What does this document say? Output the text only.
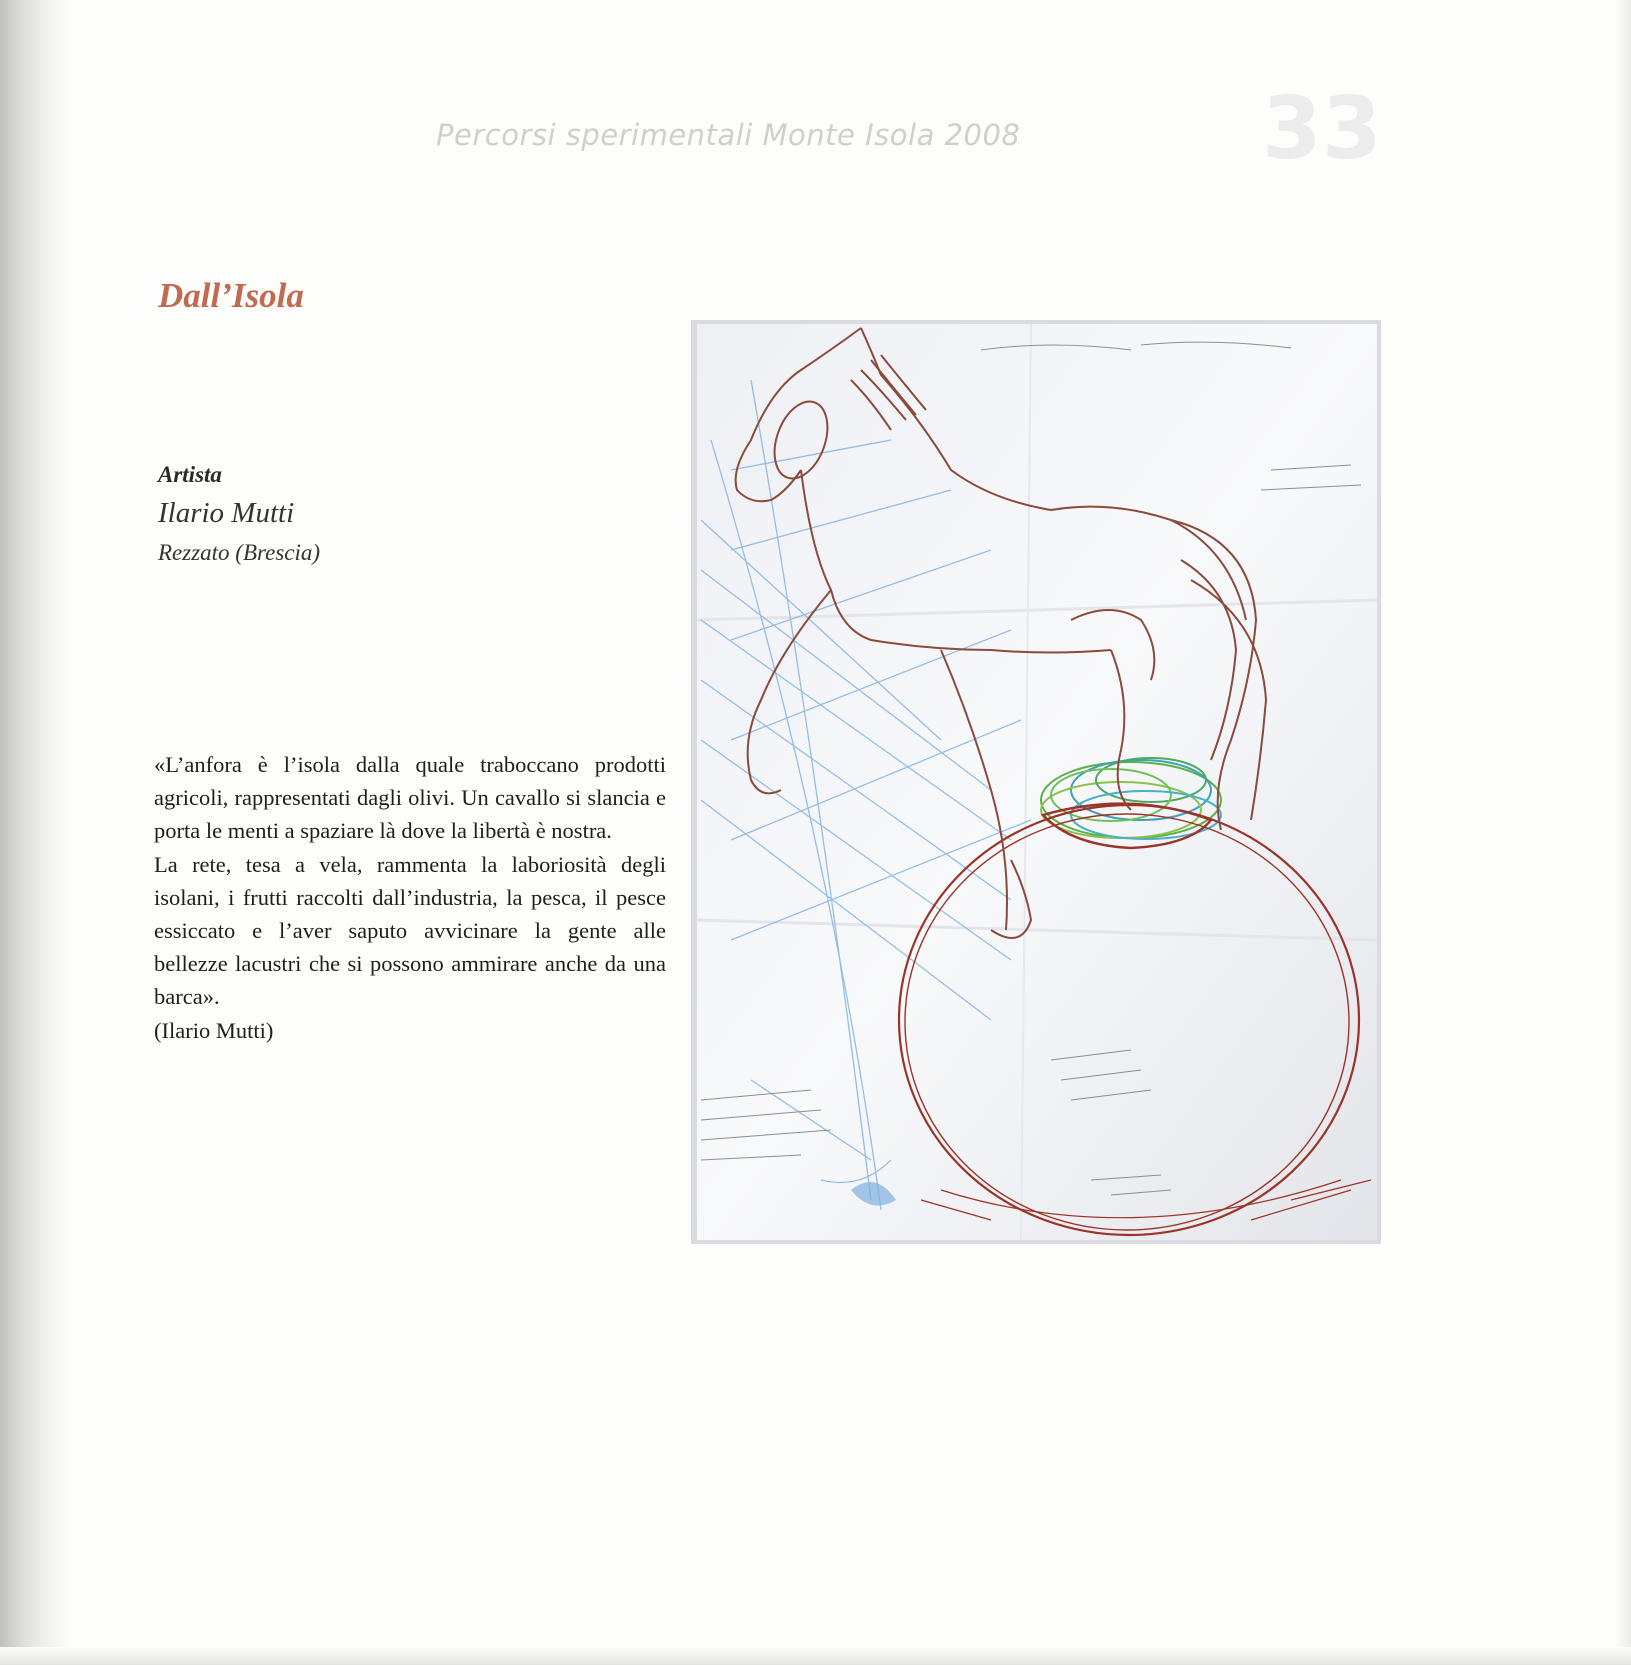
Percorsi sperimentali Monte Isola 2008	33
Dall’Isola
Artista
Ilario Mutti
Rezzato (Brescia)

«L’anfora è l’isola dalla quale traboccano prodotti agricoli, rappresentati dagli olivi. Un cavallo si slancia e porta le menti a spaziare là dove la libertà è nostra.

La rete, tesa a vela, rammenta la laboriosità degli isolani, i frutti raccolti dall’industria, la pesca, il pesce essiccato e l’aver saputo avvicinare la gente alle bellezze lacustri che si possono ammirare anche da una barca».

(Ilario Mutti)
